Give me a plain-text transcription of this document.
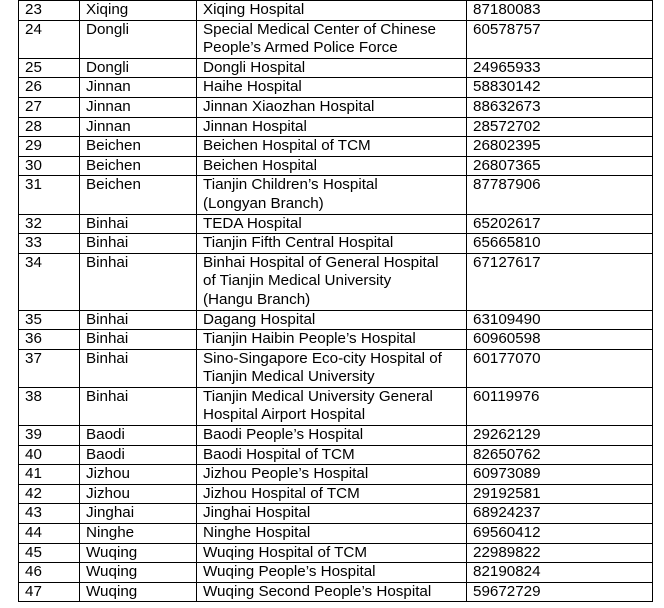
23	Xiqing	Xiqing Hospital	87180083
24	Dongli	Special Medical Center of Chinese
People’s Armed Police Force	60578757
25	Dongli	Dongli Hospital	24965933
26	Jinnan	Haihe Hospital	58830142
27	Jinnan	Jinnan Xiaozhan Hospital	88632673
28	Jinnan	Jinnan Hospital	28572702
29	Beichen	Beichen Hospital of TCM	26802395
30	Beichen	Beichen Hospital	26807365
31	Beichen	Tianjin Children’s Hospital
(Longyan Branch)	87787906
32	Binhai	TEDA Hospital	65202617
33	Binhai	Tianjin Fifth Central Hospital	65665810
34	Binhai	Binhai Hospital of General Hospital
of Tianjin Medical University
(Hangu Branch)	67127617
35	Binhai	Dagang Hospital	63109490
36	Binhai	Tianjin Haibin People’s Hospital	60960598
37	Binhai	Sino-Singapore Eco-city Hospital of
Tianjin Medical University	60177070
38	Binhai	Tianjin Medical University General
Hospital Airport Hospital	60119976
39	Baodi	Baodi People’s Hospital	29262129
40	Baodi	Baodi Hospital of TCM	82650762
41	Jizhou	Jizhou People’s Hospital	60973089
42	Jizhou	Jizhou Hospital of TCM	29192581
43	Jinghai	Jinghai Hospital	68924237
44	Ninghe	Ninghe Hospital	69560412
45	Wuqing	Wuqing Hospital of TCM	22989822
46	Wuqing	Wuqing People’s Hospital	82190824
47	Wuqing	Wuqing Second People’s Hospital	59672729
